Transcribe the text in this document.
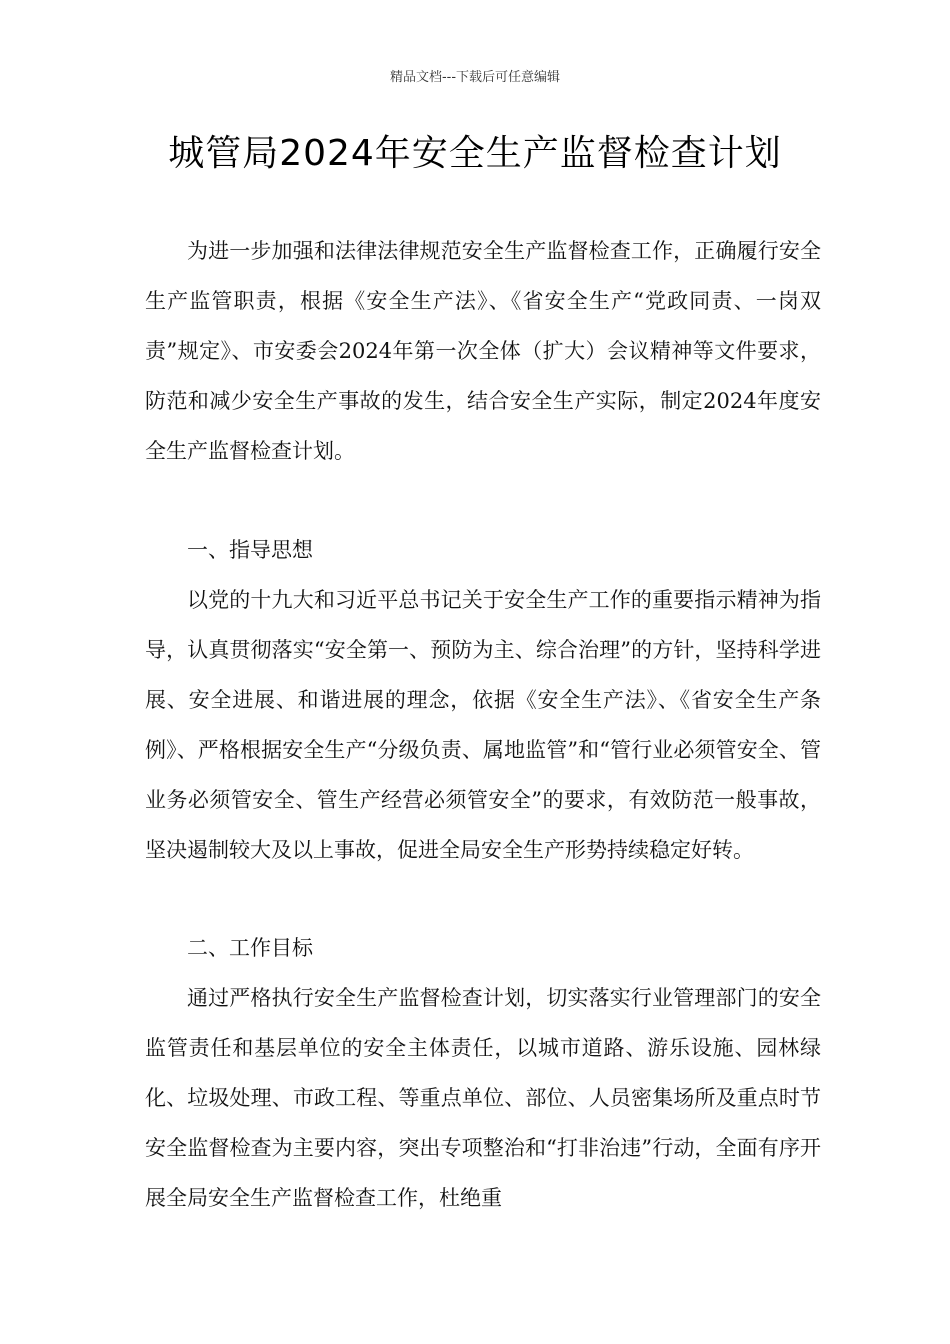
精品文档---下载后可任意编辑
城管局2024年安全生产监督检查计划

为进一步加强和法律法律规范安全生产监督检查工作，正确履行安全生产监管职责，根据《安全生产法》、《省安全生产“党政同责、一岗双责”规定》、市安委会2024年第一次全体（扩大）会议精神等文件要求，防范和减少安全生产事故的发生，结合安全生产实际，制定2024年度安全生产监督检查计划。

一、指导思想

以党的十九大和习近平总书记关于安全生产工作的重要指示精神为指导，认真贯彻落实“安全第一、预防为主、综合治理”的方针，坚持科学进展、安全进展、和谐进展的理念，依据《安全生产法》、《省安全生产条例》、严格根据安全生产“分级负责、属地监管”和“管行业必须管安全、管业务必须管安全、管生产经营必须管安全”的要求，有效防范一般事故，坚决遏制较大及以上事故，促进全局安全生产形势持续稳定好转。

二、工作目标

通过严格执行安全生产监督检查计划，切实落实行业管理部门的安全监管责任和基层单位的安全主体责任，以城市道路、游乐设施、园林绿化、垃圾处理、市政工程、等重点单位、部位、人员密集场所及重点时节安全监督检查为主要内容，突出专项整治和“打非治违”行动，全面有序开展全局安全生产监督检查工作，杜绝重
